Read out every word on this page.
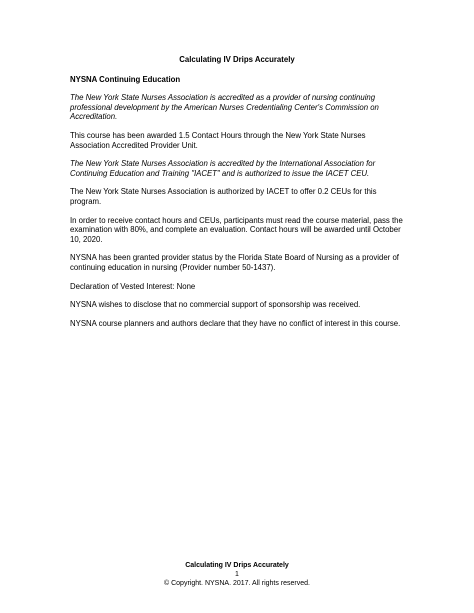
Calculating IV Drips Accurately
NYSNA Continuing Education
The New York State Nurses Association is accredited as a provider of nursing continuing professional development by the American Nurses Credentialing Center's Commission on Accreditation.
This course has been awarded 1.5 Contact Hours through the New York State Nurses Association Accredited Provider Unit.
The New York State Nurses Association is accredited by the International Association for Continuing Education and Training "IACET" and is authorized to issue the IACET CEU.
The New York State Nurses Association is authorized by IACET to offer 0.2 CEUs for this program.
In order to receive contact hours and CEUs, participants must read the course material, pass the examination with 80%, and complete an evaluation. Contact hours will be awarded until October 10, 2020.
NYSNA has been granted provider status by the Florida State Board of Nursing as a provider of continuing education in nursing (Provider number 50-1437).
Declaration of Vested Interest: None
NYSNA wishes to disclose that no commercial support of sponsorship was received.
NYSNA course planners and authors declare that they have no conflict of interest in this course.
Calculating IV Drips Accurately
1
© Copyright. NYSNA. 2017. All rights reserved.
